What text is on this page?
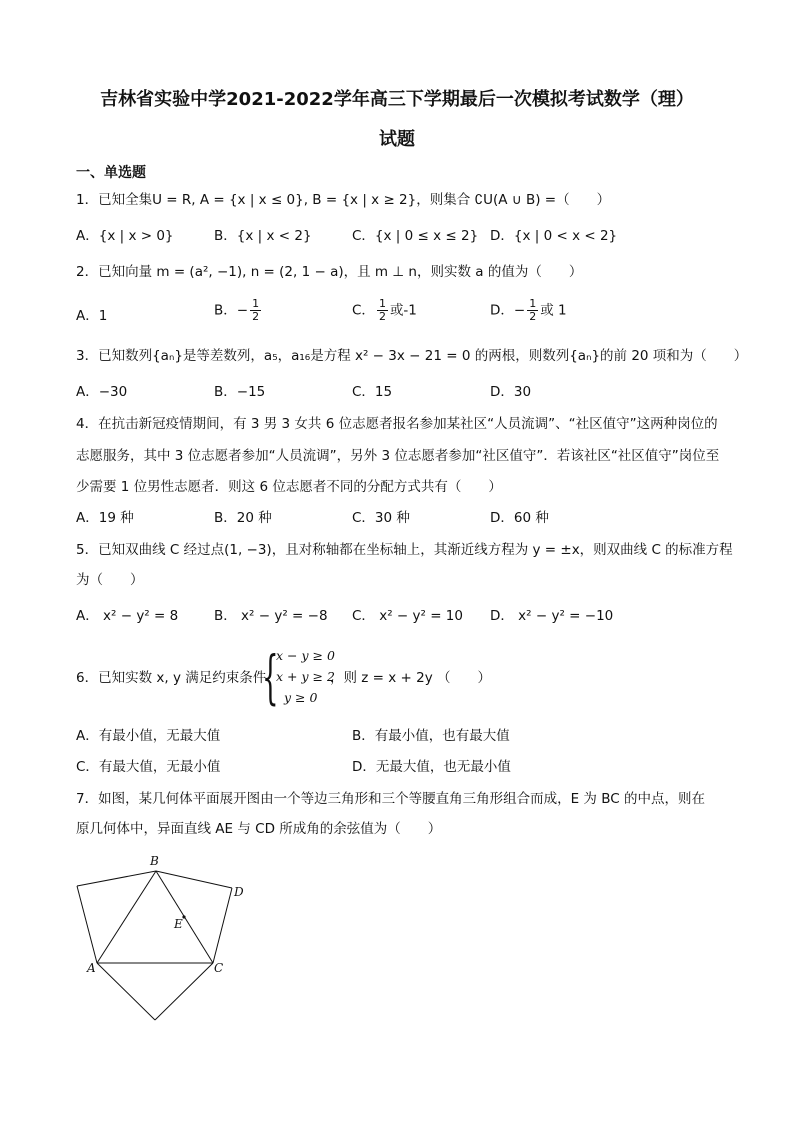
吉林省实验中学2021-2022学年高三下学期最后一次模拟考试数学（理）
试题
一、单选题
1．已知全集U = R, A = {x | x ≤ 0}, B = {x | x ≥ 2}，则集合 ∁U(A ∪ B) =（　　）
A．{x | x > 0}	B．{x | x < 2}	C．{x | 0 ≤ x ≤ 2} D．{x | 0 < x < 2}
2．已知向量 m = (a², −1), n = (2, 1 − a)，且 m ⊥ n，则实数 a 的值为（　　）
A．1	B．− $\frac{1}{2}$	C． $\frac{1}{2}$ 或-1	D．− $\frac{1}{2}$ 或 1
3．已知数列{aₙ}是等差数列，a₅，a₁₆是方程 x² − 3x − 21 = 0 的两根，则数列{aₙ}的前 20 项和为（　　）
A．−30	B．−15	C．15	D．30
4．在抗击新冠疫情期间，有 3 男 3 女共 6 位志愿者报名参加某社区“人员流调”、“社区值守”这两种岗位的
志愿服务，其中 3 位志愿者参加“人员流调”，另外 3 位志愿者参加“社区值守”．若该社区“社区值守”岗位至
少需要 1 位男性志愿者．则这 6 位志愿者不同的分配方式共有（　　）
A．19 种	B．20 种	C．30 种	D．60 种
5．已知双曲线 C 经过点(1, −3)，且对称轴都在坐标轴上，其渐近线方程为 y = ±x，则双曲线 C 的标准方程
为（　　）
A． x² − y² = 8	B． x² − y² = −8 C． x² − y² = 10 D． x² − y² = −10
6．已知实数 x, y 满足约束条件
{
x − y ≥ 0
x + y ≥ 2
y ≥ 0
，则 z = x + 2y （　　）
A．有最小值，无最大值	B．有最小值，也有最大值
C．有最大值，无最小值	D．无最大值，也无最小值
7．如图，某几何体平面展开图由一个等边三角形和三个等腰直角三角形组合而成，E 为 BC 的中点，则在
原几何体中，异面直线 AE 与 CD 所成角的余弦值为（　　）
B
D
E
A	C
